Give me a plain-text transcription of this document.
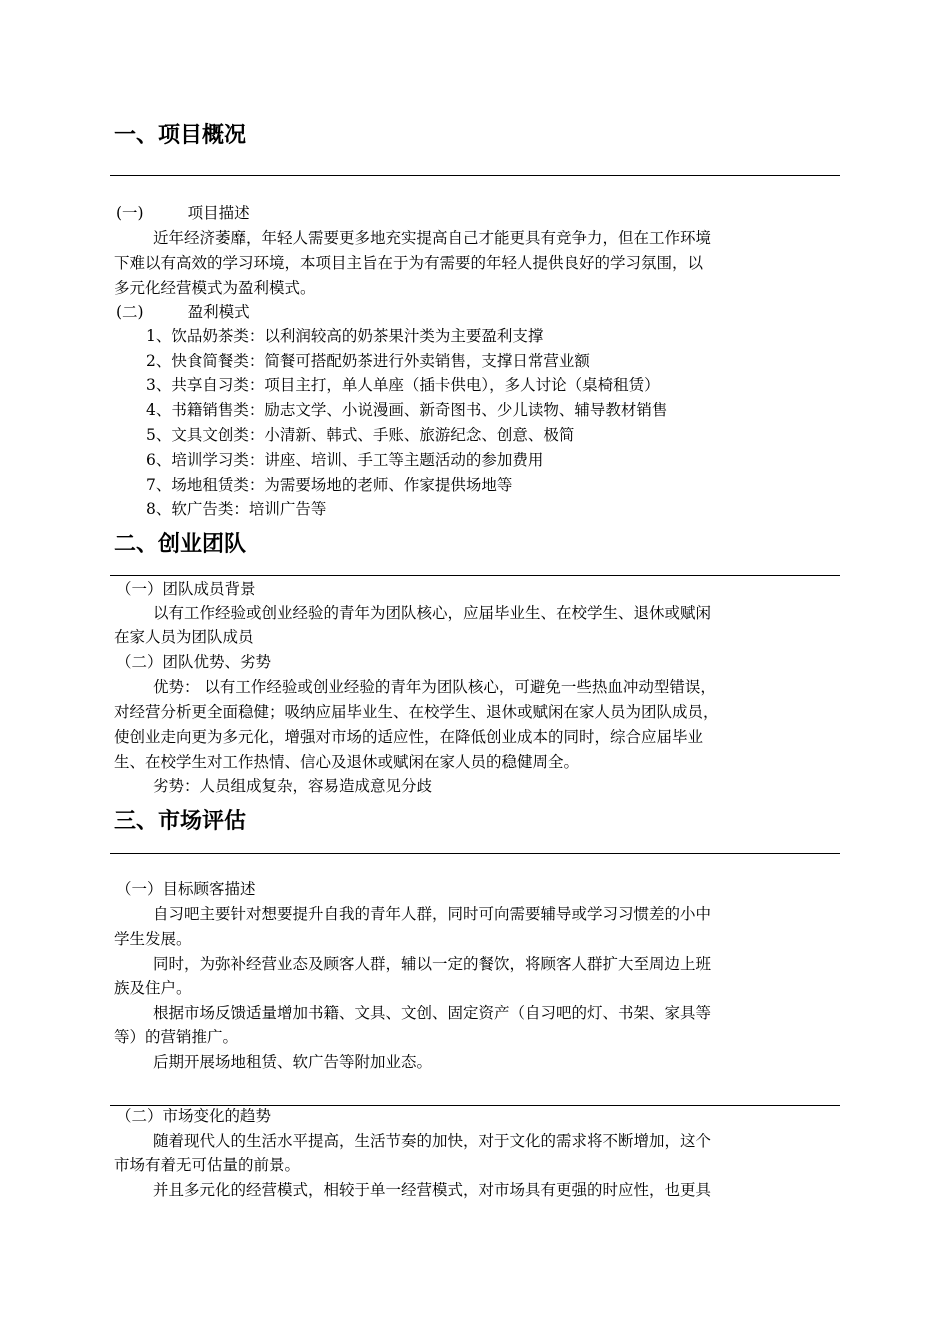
一、项目概况
(一)	项目描述
近年经济萎靡，年轻人需要更多地充实提高自己才能更具有竞争力，但在工作环境
下难以有高效的学习环境，本项目主旨在于为有需要的年轻人提供良好的学习氛围，以
多元化经营模式为盈利模式。
(二)	盈利模式
1、饮品奶茶类：以利润较高的奶茶果汁类为主要盈利支撑
2、快食简餐类：简餐可搭配奶茶进行外卖销售，支撑日常营业额
3、共享自习类：项目主打，单人单座（插卡供电），多人讨论（桌椅租赁）
4、书籍销售类：励志文学、小说漫画、新奇图书、少儿读物、辅导教材销售
5、文具文创类：小清新、韩式、手账、旅游纪念、创意、极简
6、培训学习类：讲座、培训、手工等主题活动的参加费用
7、场地租赁类：为需要场地的老师、作家提供场地等
8、软广告类：培训广告等
二、创业团队
（一）团队成员背景
以有工作经验或创业经验的青年为团队核心，应届毕业生、在校学生、退休或赋闲
在家人员为团队成员
（二）团队优势、劣势
优势： 以有工作经验或创业经验的青年为团队核心，可避免一些热血冲动型错误，
对经营分析更全面稳健；吸纳应届毕业生、在校学生、退休或赋闲在家人员为团队成员，
使创业走向更为多元化，增强对市场的适应性，在降低创业成本的同时，综合应届毕业
生、在校学生对工作热情、信心及退休或赋闲在家人员的稳健周全。
劣势：人员组成复杂，容易造成意见分歧
三、市场评估
（一）目标顾客描述
自习吧主要针对想要提升自我的青年人群，同时可向需要辅导或学习习惯差的小中
学生发展。
同时，为弥补经营业态及顾客人群，辅以一定的餐饮，将顾客人群扩大至周边上班
族及住户。
根据市场反馈适量增加书籍、文具、文创、固定资产（自习吧的灯、书架、家具等
等）的营销推广。
后期开展场地租赁、软广告等附加业态。
（二）市场变化的趋势
随着现代人的生活水平提高，生活节奏的加快，对于文化的需求将不断增加，这个
市场有着无可估量的前景。
并且多元化的经营模式，相较于单一经营模式，对市场具有更强的时应性，也更具
